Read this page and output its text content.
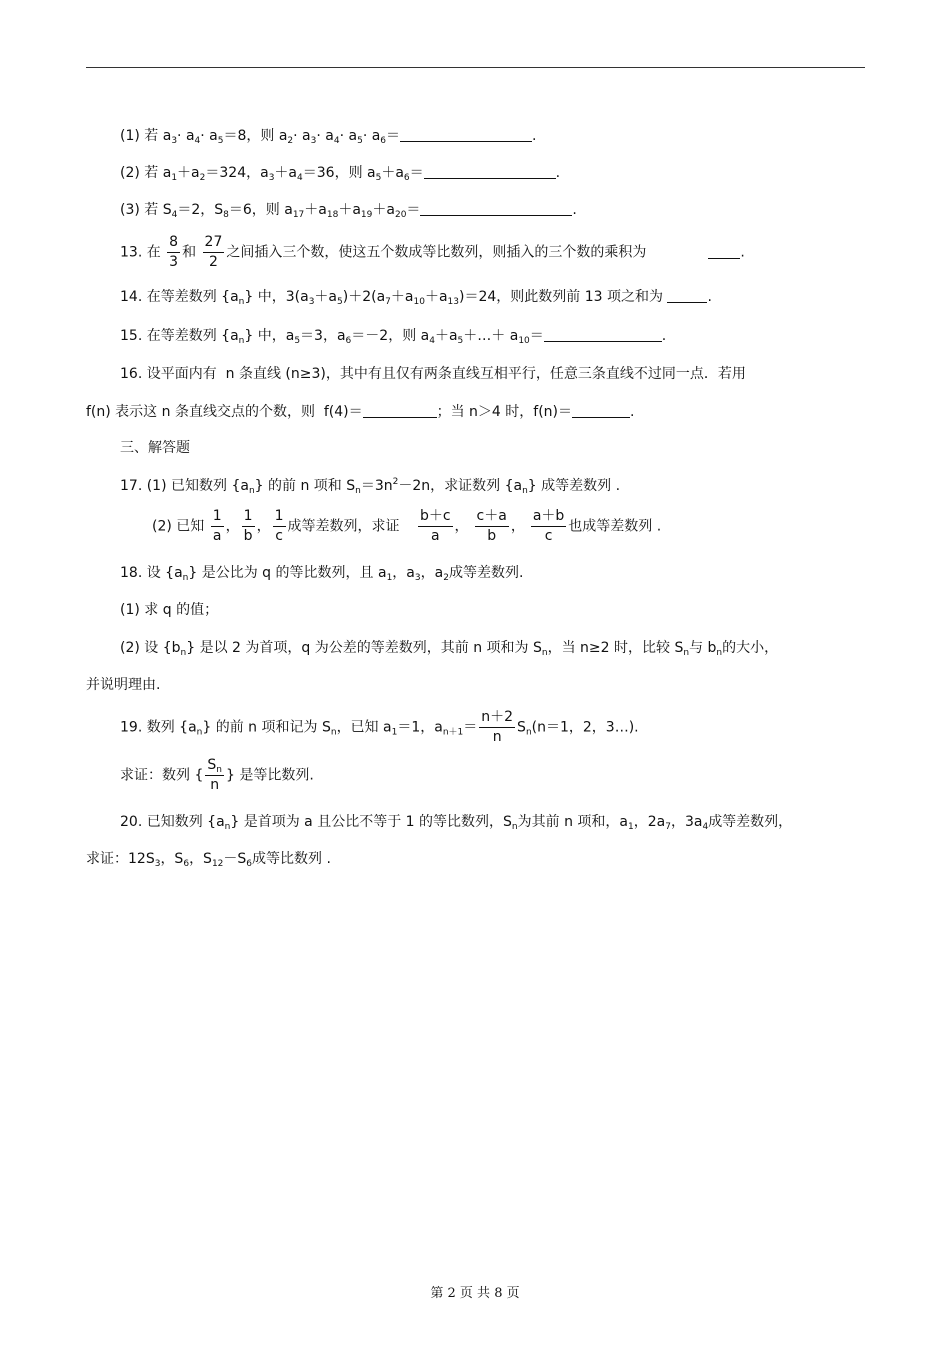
(1) 若 $a_3\cdot a_4\cdot a_5=8$，则 $a_2\cdot a_3\cdot a_4\cdot a_5\cdot a_6=$	.
(2) 若 $a_1+a_2=324$，$a_3+a_4=36$，则 $a_5+a_6=$	.
(3) 若 $S_4=2$，$S_8=6$，则 $a_{17}+a_{18}+a_{19}+a_{20}=$	.
13. 在 $\frac{8}{3}$ 和 $\frac{27}{2}$ 之间插入三个数，使这五个数成等比数列，则插入的三个数的乘积为	.
14. 在等差数列 $\{a_n\}$ 中，$3(a_3+a_5)+2(a_7+a_{10}+a_{13})=24$，则此数列前 13 项之和为	.
15. 在等差数列 $\{a_n\}$ 中，$a_5=3$，$a_6=-2$，则 $a_4+a_5+\dots+ a_{10}=$	.
16. 设平面内有  n 条直线 (n≥3)，其中有且仅有两条直线互相平行，任意三条直线不过同一点．若用
f(n) 表示这 n 条直线交点的个数，则  f(4)＝	；当 n＞4 时，f(n)＝	.
三、解答题
17. (1) 已知数列 $\{a_n\}$ 的前 n 项和 $S_n=3n^2-2n$，求证数列 $\{a_n\}$ 成等差数列 .
(2) 已知 $\frac{1}{a}$ ， $\frac{1}{b}$ ， $\frac{1}{c}$ 成等差数列，求证 $\frac{b+c}{a}$ ， $\frac{c+a}{b}$ ， $\frac{a+b}{c}$ 也成等差数列 .
18. 设 $\{a_n\}$ 是公比为 q 的等比数列，且 $a_1$，$a_3$，$a_2$成等差数列.
(1) 求 q 的值；
(2) 设 $\{b_n\}$ 是以 2 为首项，q 为公差的等差数列，其前 n 项和为 $S_n$，当 n≥2 时，比较 $S_n$与 $b_n$的大小，
并说明理由.
19. 数列 $\{a_n\}$ 的前 n 项和记为 $S_n$，已知 $a_1=1$，$a_{n+1}= \frac{n+2}{n} S_n(n=1$，2，3…).
求证：数列 { $\frac{S_n}{n}$ } 是等比数列.
20. 已知数列 $\{a_n\}$ 是首项为 a 且公比不等于 1 的等比数列，$S_n$为其前 n 项和，$a_1$，$2a_7$，$3a_4$成等差数列，
求证：$12S_3$，$S_6$，$S_{12}-S_6$成等比数列 .
第 2 页 共 8 页
